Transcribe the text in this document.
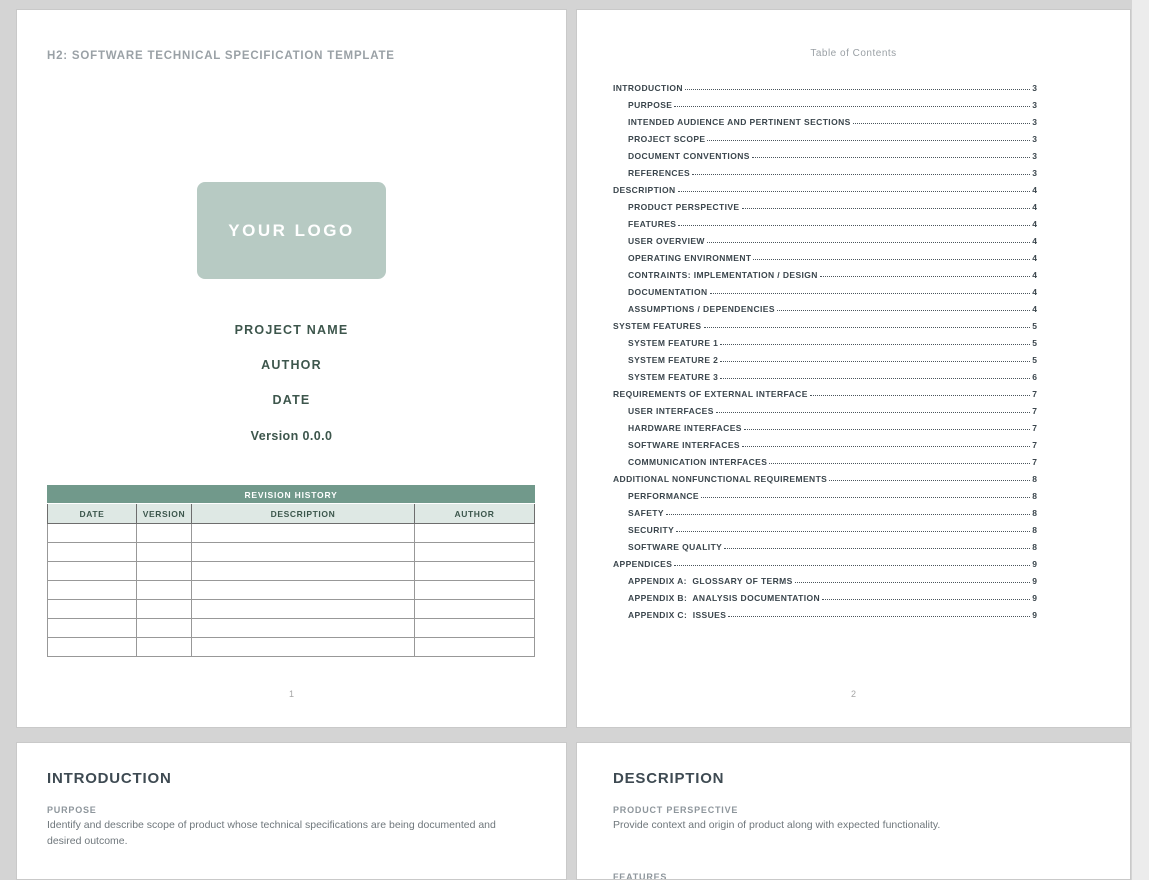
H2: SOFTWARE TECHNICAL SPECIFICATION TEMPLATE
YOUR LOGO
PROJECT NAME
AUTHOR
DATE
Version 0.0.0
REVISION HISTORY			
DATE	VERSION	DESCRIPTION	AUTHOR

1
Table of Contents
INTRODUCTION	3
PURPOSE	3
INTENDED AUDIENCE AND PERTINENT SECTIONS	3
PROJECT SCOPE	3
DOCUMENT CONVENTIONS	3
REFERENCES	3
DESCRIPTION	4
PRODUCT PERSPECTIVE	4
FEATURES	4
USER OVERVIEW	4
OPERATING ENVIRONMENT	4
CONTRAINTS: IMPLEMENTATION / DESIGN	4
DOCUMENTATION	4
ASSUMPTIONS / DEPENDENCIES	4
SYSTEM FEATURES	5
SYSTEM FEATURE 1	5
SYSTEM FEATURE 2	5
SYSTEM FEATURE 3	6
REQUIREMENTS OF EXTERNAL INTERFACE	7
USER INTERFACES	7
HARDWARE INTERFACES	7
SOFTWARE INTERFACES	7
COMMUNICATION INTERFACES	7
ADDITIONAL NONFUNCTIONAL REQUIREMENTS	8
PERFORMANCE	8
SAFETY	8
SECURITY	8
SOFTWARE QUALITY	8
APPENDICES	9
APPENDIX A:  GLOSSARY OF TERMS	9
APPENDIX B:  ANALYSIS DOCUMENTATION	9
APPENDIX C:  ISSUES	9
2
INTRODUCTION
PURPOSE
Identify and describe scope of product whose technical specifications are being documented and desired outcome.
DESCRIPTION
PRODUCT PERSPECTIVE
Provide context and origin of product along with expected functionality.
FEATURES
